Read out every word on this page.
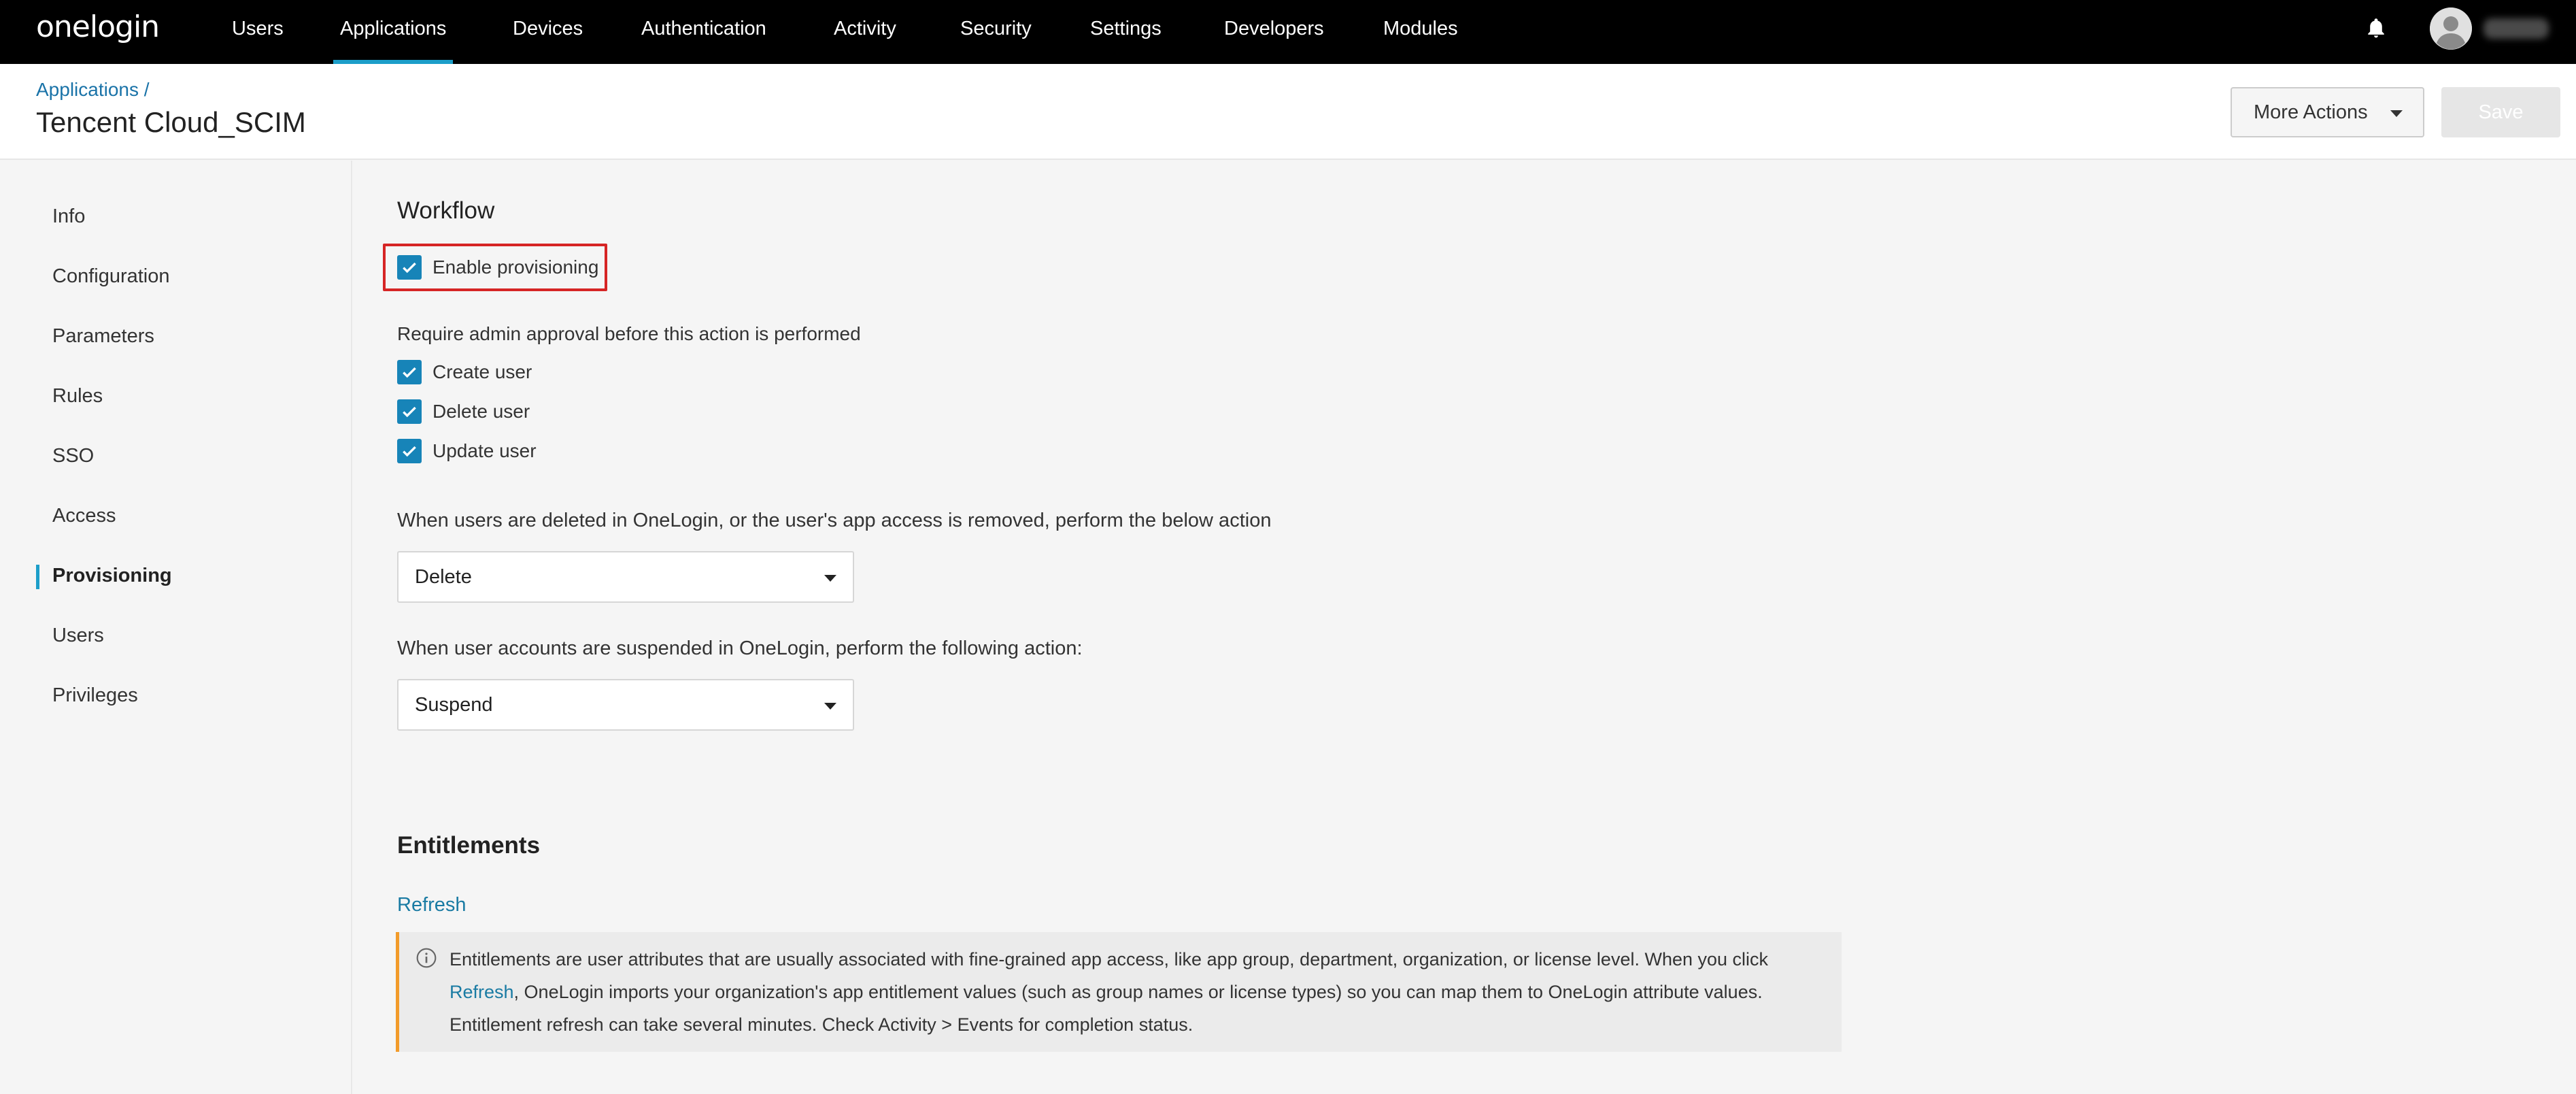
onelogin	Users	Applications	Devices	Authentication	Activity	Security	Settings	Developers	Modules
Applications /
Tencent Cloud_SCIM	More Actions	Save
Info
Configuration
Parameters
Rules
SSO
Access
Provisioning
Users
Privileges
Workflow
Enable provisioning
Require admin approval before this action is performed
Create user
Delete user
Update user
When users are deleted in OneLogin, or the user's app access is removed, perform the below action
Delete
When user accounts are suspended in OneLogin, perform the following action:
Suspend
Entitlements
Refresh
Entitlements are user attributes that are usually associated with fine-grained app access, like app group, department, organization, or license level. When you click Refresh, OneLogin imports your organization's app entitlement values (such as group names or license types) so you can map them to OneLogin attribute values. Entitlement refresh can take several minutes. Check Activity > Events for completion status.
